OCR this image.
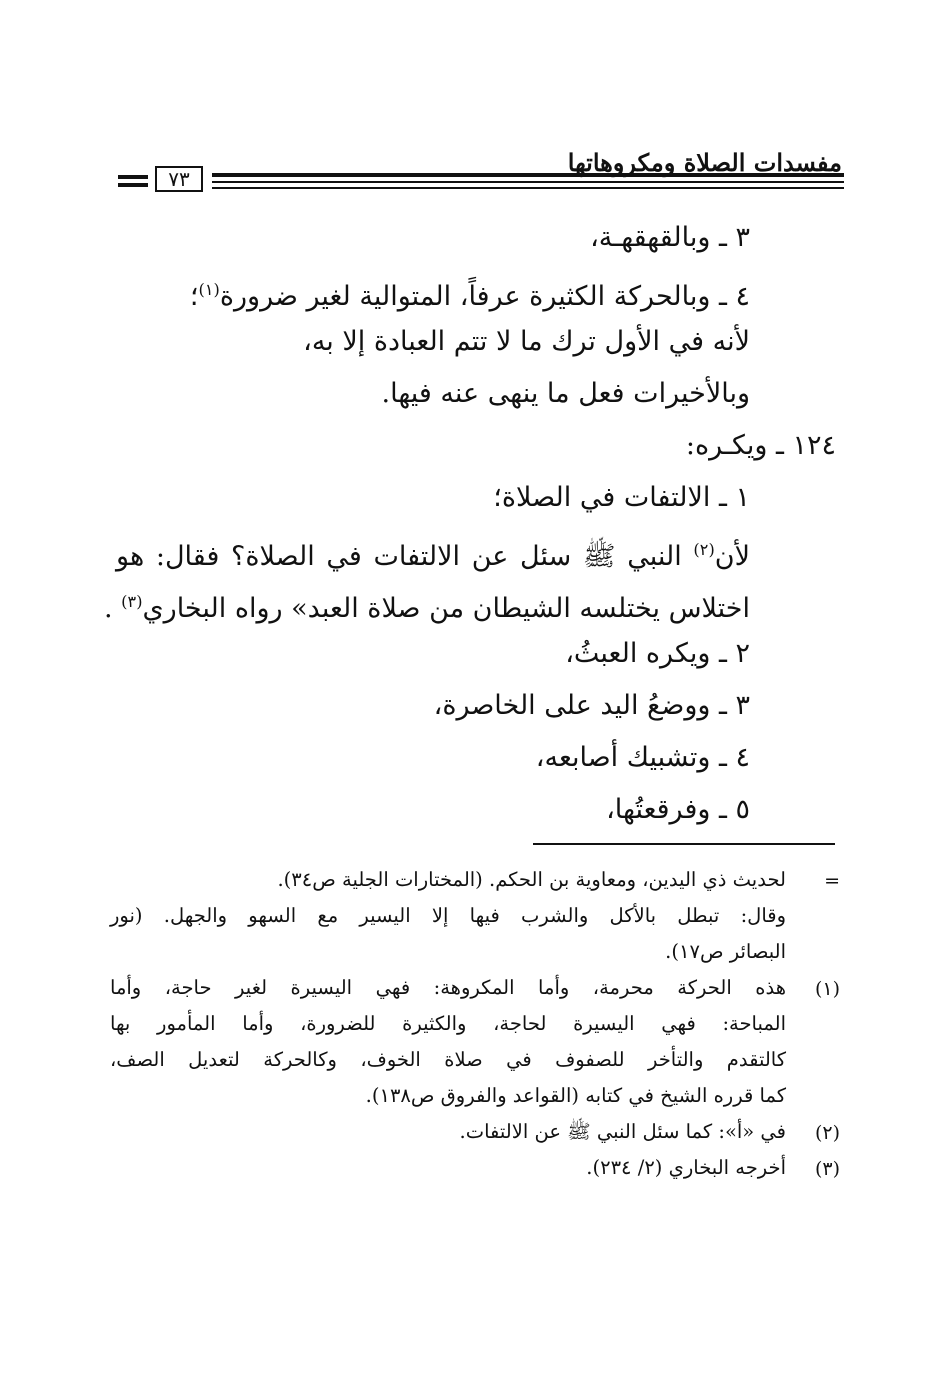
مفسدات الصلاة ومكروهاتها
٧٣
٣ ـ وبالقهقهـة،
٤ ـ وبالحركة الكثيرة عرفاً، المتوالية لغير ضرورة$^{(١)}$؛
لأنه في الأول ترك ما لا تتم العبادة إلا به،
وبالأخيرات فعل ما ينهى عنه فيها.
١٢٤ ـ ويكـره:
١ ـ الالتفات في الصلاة؛
لأن$^{(٢)}$ النبي ﷺ سئل عن الالتفات في الصلاة؟ فقال: هو
اختلاس يختلسه الشيطان من صلاة العبد» رواه البخاري$^{(٣)}$ .
٢ ـ ويكره العبثُ،
٣ ـ ووضعُ اليد على الخاصرة،
٤ ـ وتشبيك أصابعه،
٥ ـ وفرقعتُها،
=
لحديث ذي اليدين، ومعاوية بن الحكم. (المختارات الجلية ص٣٤).
وقال: تبطل بالأكل والشرب فيها إلا اليسير مع السهو والجهل. (نور
البصائر ص١٧).
(١)
هذه الحركة محرمة، وأما المكروهة: فهي اليسيرة لغير حاجة، وأما
المباحة: فهي اليسيرة لحاجة، والكثيرة للضرورة، وأما المأمور بها
كالتقدم والتأخر للصفوف في صلاة الخوف، وكالحركة لتعديل الصف،
كما قرره الشيخ في كتابه (القواعد والفروق ص١٣٨).
(٢)
في «أ»: كما سئل النبي ﷺ عن الالتفات.
(٣)
أخرجه البخاري (٢/ ٢٣٤).
